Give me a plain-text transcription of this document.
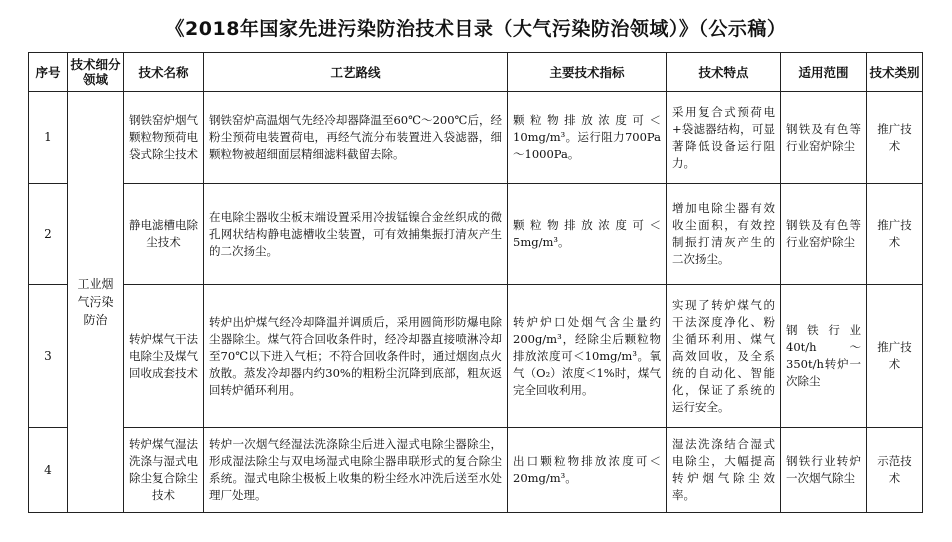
《2018年国家先进污染防治技术目录（大气污染防治领域）》（公示稿）
序号	技术细分领域	技术名称	工艺路线	主要技术指标	技术特点	适用范围	技术类别
1	工业烟气污染防治	钢铁窑炉烟气颗粒物预荷电袋式除尘技术	钢铁窑炉高温烟气先经冷却器降温至60℃～200℃后，经粉尘预荷电装置荷电，再经气流分布装置进入袋滤器，细颗粒物被超细面层精细滤料截留去除。	颗粒物排放浓度可＜10mg/m³。运行阻力700Pa～1000Pa。	采用复合式预荷电+袋滤器结构，可显著降低设备运行阻力。	钢铁及有色等行业窑炉除尘	推广技术
2		静电滤槽电除尘技术	在电除尘器收尘板末端设置采用冷拔锰镍合金丝织成的微孔网状结构静电滤槽收尘装置，可有效捕集振打清灰产生的二次扬尘。	颗粒物排放浓度可＜5mg/m³。	增加电除尘器有效收尘面积，有效控制振打清灰产生的二次扬尘。	钢铁及有色等行业窑炉除尘	推广技术
3		转炉煤气干法电除尘及煤气回收成套技术	转炉出炉煤气经冷却降温并调质后，采用圆筒形防爆电除尘器除尘。煤气符合回收条件时，经冷却器直接喷淋冷却至70℃以下进入气柜；不符合回收条件时，通过烟囱点火放散。蒸发冷却器内约30%的粗粉尘沉降到底部，粗灰返回转炉循环利用。	转炉炉口处烟气含尘量约200g/m³，经除尘后颗粒物排放浓度可＜10mg/m³。氧气（O₂）浓度＜1%时，煤气完全回收利用。	实现了转炉煤气的干法深度净化、粉尘循环利用、煤气高效回收，及全系统的自动化、智能化，保证了系统的运行安全。	钢铁行业40t/h～350t/h转炉一次除尘	推广技术
4		转炉煤气湿法洗涤与湿式电除尘复合除尘技术	转炉一次烟气经湿法洗涤除尘后进入湿式电除尘器除尘，形成湿法除尘与双电场湿式电除尘器串联形式的复合除尘系统。湿式电除尘极板上收集的粉尘经水冲洗后送至水处理厂处理。	出口颗粒物排放浓度可＜20mg/m³。	湿法洗涤结合湿式电除尘，大幅提高转炉烟气除尘效率。	钢铁行业转炉一次烟气除尘	示范技术
